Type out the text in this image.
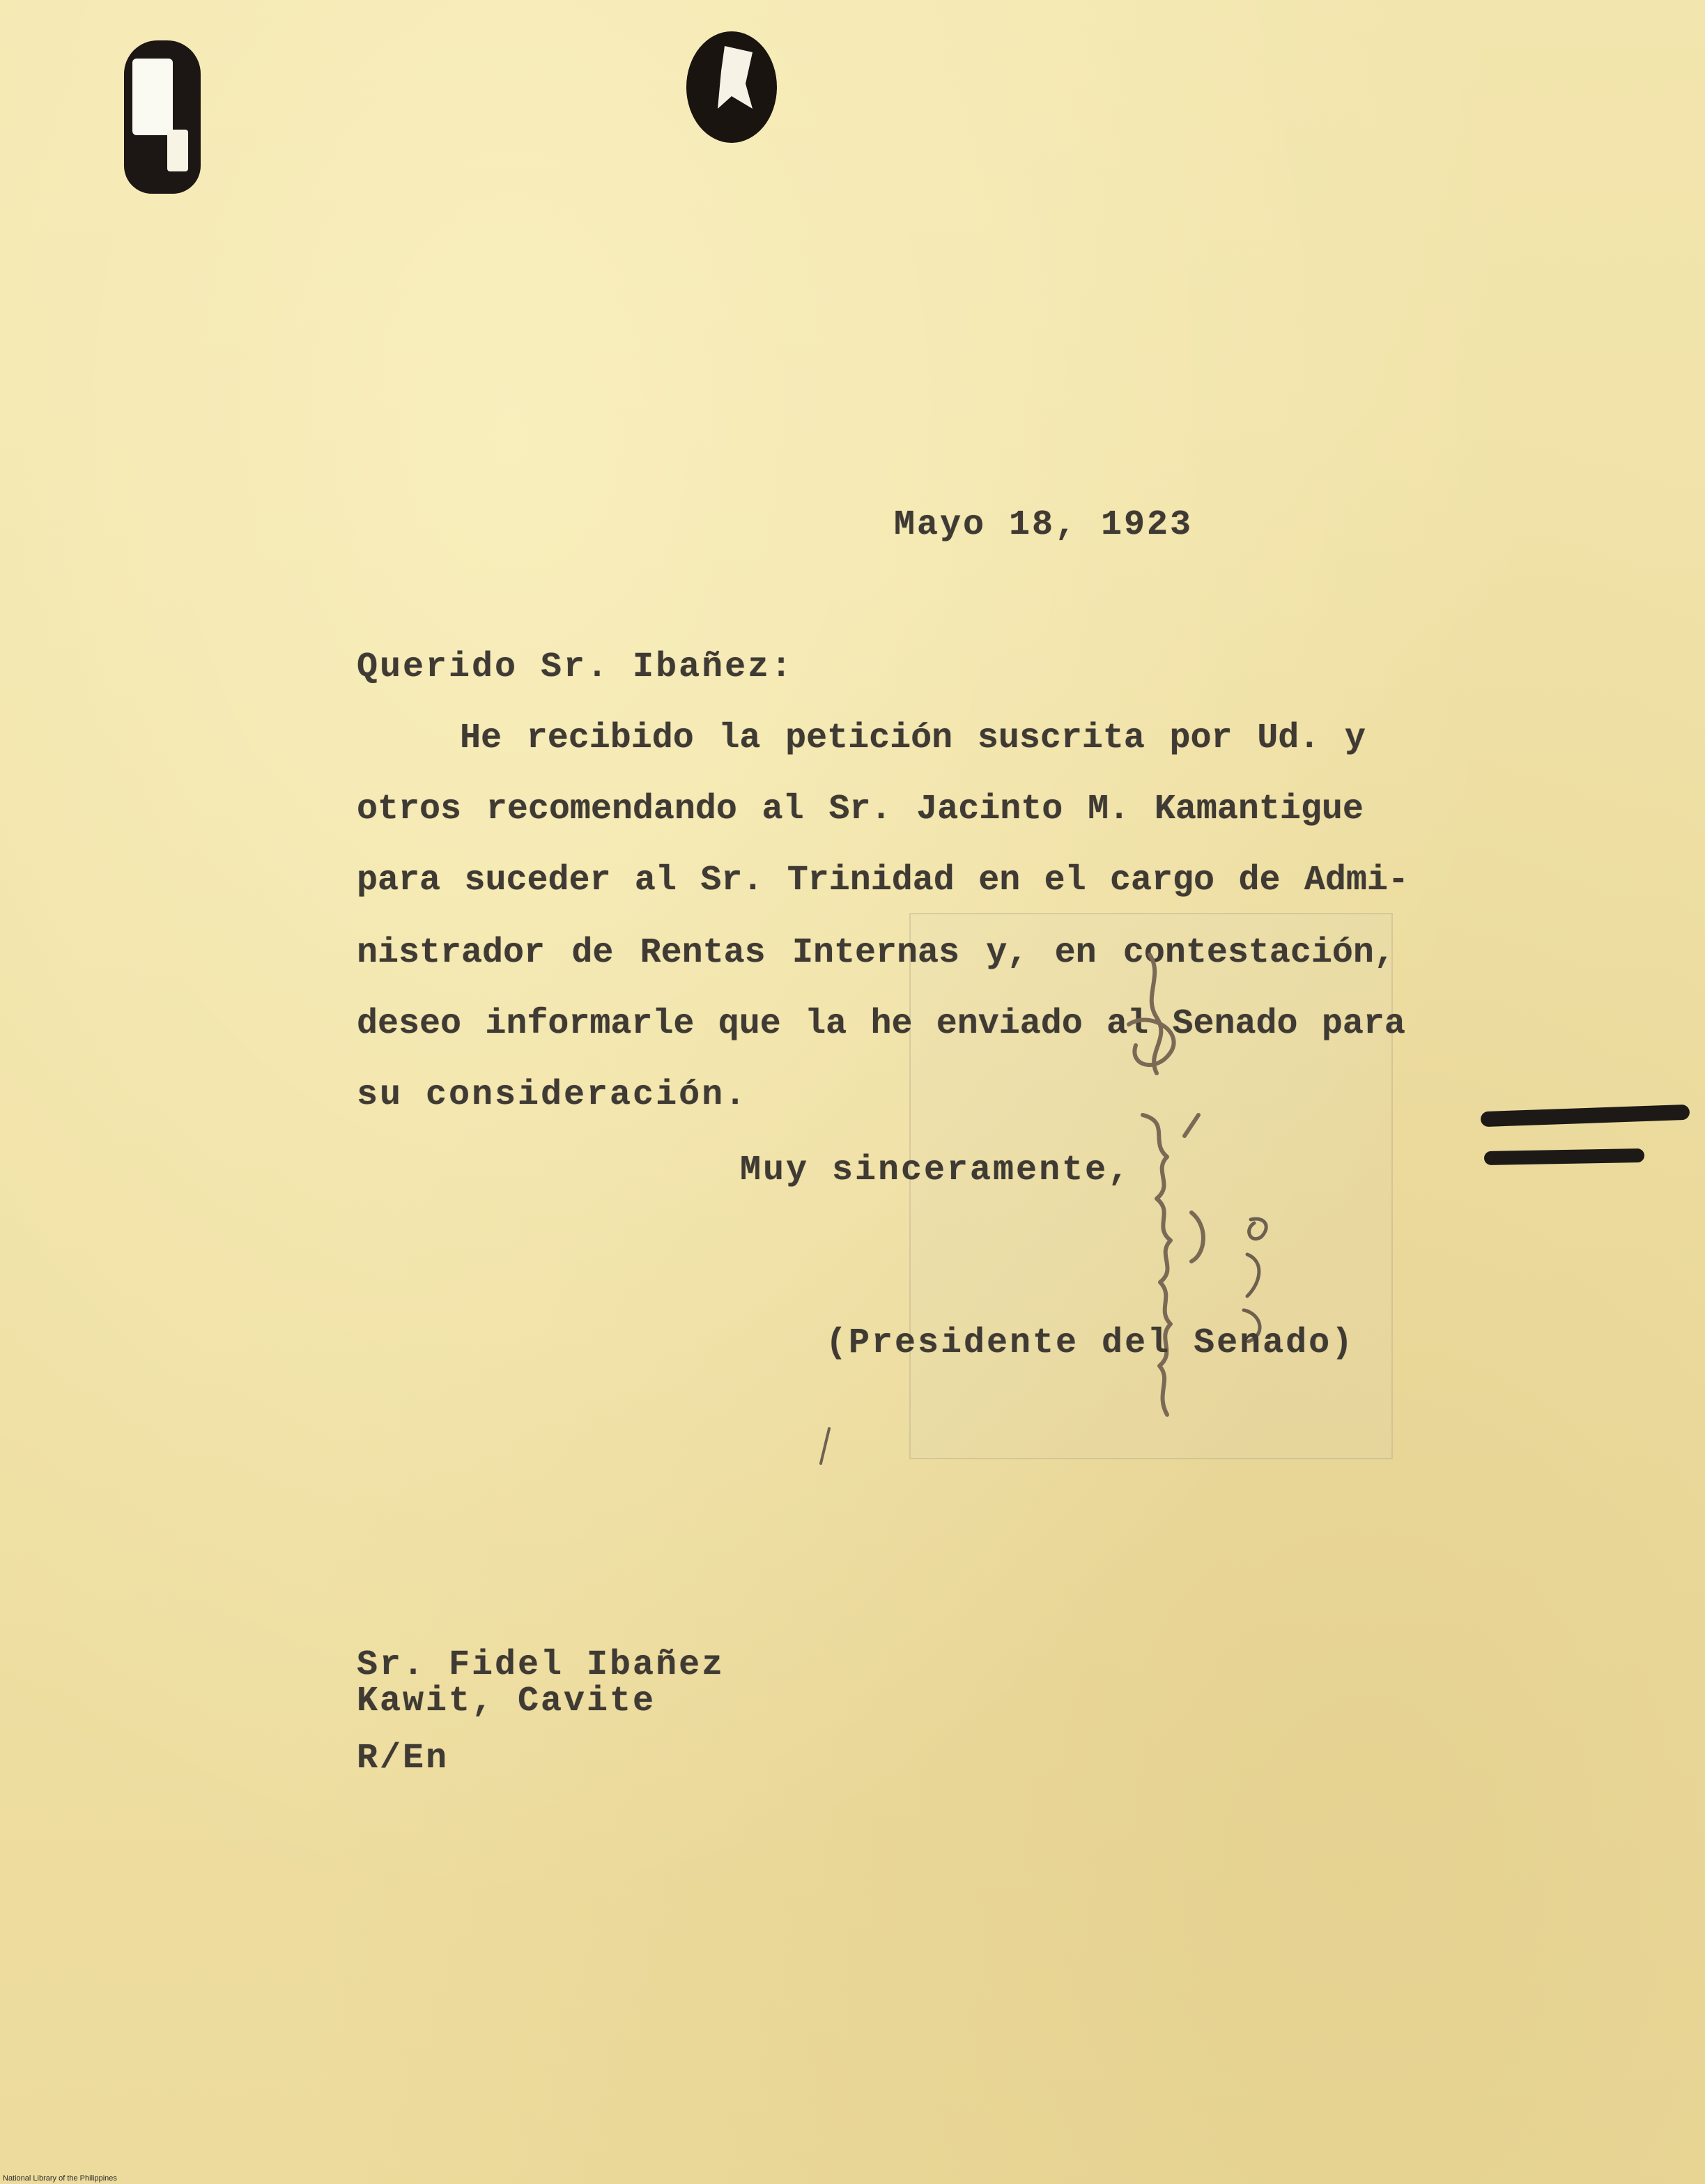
Mayo 18, 1923
Querido Sr. Ibañez:
He recibido la petición suscrita por Ud. y
otros recomendando al Sr. Jacinto M. Kamantigue
para suceder al Sr. Trinidad en el cargo de Admi-
nistrador de Rentas Internas y, en contestación,
deseo informarle que la he enviado al Senado para
su consideración.
Muy sinceramente,
(Presidente del Senado)
Sr. Fidel Ibañez
Kawit, Cavite
R/En
National Library of the Philippines
